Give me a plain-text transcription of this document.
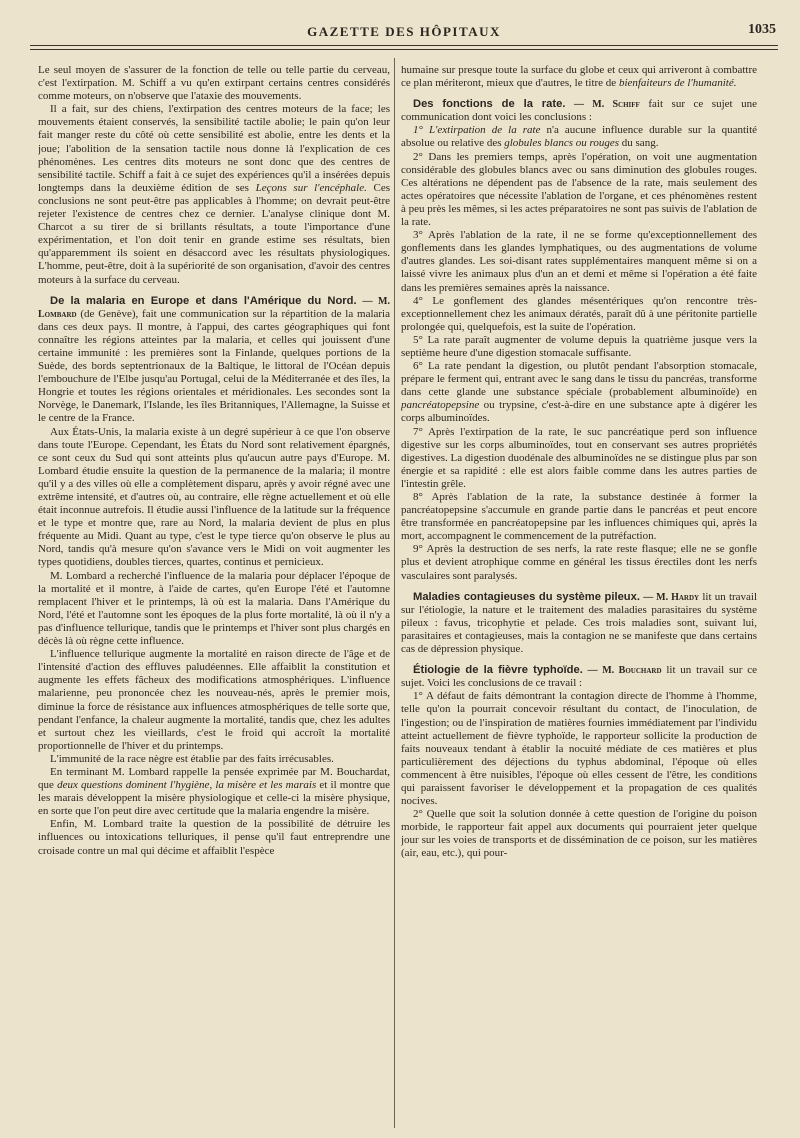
GAZETTE DES HÔPITAUX	1035

Le seul moyen de s'assurer de la fonction de telle ou telle partie du cerveau, c'est l'extirpation. M. Schiff a vu qu'en extirpant certains centres considérés comme moteurs, on n'observe que l'ataxie des mouvements.

Il a fait, sur des chiens, l'extirpation des centres moteurs de la face; les mouvements étaient conservés, la sensibilité tactile abolie; le pain qu'on leur fait manger reste du côté où cette sensibilité est abolie, entre les dents et la joue; l'abolition de la sensation tactile nous donne là l'explication de ces phénomènes. Les centres dits moteurs ne sont donc que des centres de sensibilité tactile. Schiff a fait à ce sujet des expériences qu'il a insérées depuis longtemps dans la deuxième édition de ses Leçons sur l'encéphale. Ces conclusions ne sont peut-être pas applicables à l'homme; on devrait peut-être rejeter l'existence de centres chez ce dernier. L'analyse clinique dont M. Charcot a su tirer de si brillants résultats, a toute l'importance d'une expérimentation, et l'on doit tenir en grande estime ses résultats, bien qu'apparemment ils soient en désaccord avec les résultats physiologiques. L'homme, peut-être, doit à la supériorité de son organisation, d'avoir des centres moteurs à la surface du cerveau.

De la malaria en Europe et dans l'Amérique du Nord. — M. Lombard (de Genève), fait une communication sur la répartition de la malaria dans ces deux pays. Il montre, à l'appui, des cartes géographiques qui font connaître les régions atteintes par la malaria, et celles qui jouissent d'une certaine immunité : les premières sont la Finlande, quelques portions de la Suède, des bords septentrionaux de la Baltique, le littoral de l'Océan depuis l'embouchure de l'Elbe jusqu'au Portugal, celui de la Méditerranée et des îles, la Hongrie et toutes les régions orientales et méridionales. Les secondes sont la Norvège, le Danemark, l'Islande, les îles Britanniques, l'Allemagne, la Suisse et le centre de la France.

Aux États-Unis, la malaria existe à un degré supérieur à ce que l'on observe dans toute l'Europe. Cependant, les États du Nord sont relativement épargnés, ce sont ceux du Sud qui sont atteints plus qu'aucun autre pays d'Europe. M. Lombard étudie ensuite la question de la permanence de la malaria; il montre qu'il y a des villes où elle a complètement disparu, après y avoir régné avec une extrême intensité, et d'autres où, au contraire, elle règne actuellement et où elle était inconnue autrefois. Il étudie aussi l'influence de la latitude sur la fréquence et le type et montre que, rare au Nord, la malaria devient de plus en plus fréquente au Midi. Quant au type, c'est le type tierce qu'on observe le plus au Nord, tandis qu'à mesure qu'on s'avance vers le Midi on voit augmenter les types quotidiens, doubles tierces, quartes, continus et pernicieux.

M. Lombard a recherché l'influence de la malaria pour déplacer l'époque de la mortalité et il montre, à l'aide de cartes, qu'en Europe l'été et l'automne remplacent l'hiver et le printemps, là où est la malaria. Dans l'Amérique du Nord, l'été et l'automne sont les époques de la plus forte mortalité, là où il n'y a pas d'influence tellurique, tandis que le printemps et l'hiver sont plus chargés en décès là où règne cette influence.

L'influence tellurique augmente la mortalité en raison directe de l'âge et de l'intensité d'action des effluves paludéennes. Elle affaiblit la constitution et augmente les effets fâcheux des modifications atmosphériques. L'influence malarienne, peu prononcée chez les nouveau-nés, après le premier mois, diminue la force de résistance aux influences atmosphériques de telle sorte que, pendant l'enfance, la chaleur augmente la mortalité, tandis que, chez les adultes et surtout chez les vieillards, c'est le froid qui accroît la mortalité proportionnelle de l'hiver et du printemps.

L'immunité de la race nègre est établie par des faits irrécusables.

En terminant M. Lombard rappelle la pensée exprimée par M. Bouchardat, que deux questions dominent l'hygiène, la misère et les marais et il montre que les marais développent la misère physiologique et celle-ci la misère physique, en sorte que l'on peut dire avec certitude que la malaria engendre la misère.

Enfin, M. Lombard traite la question de la possibilité de détruire les influences ou intoxications telluriques, il pense qu'il faut entreprendre une croisade contre un mal qui décime et affaiblit l'espèce

humaine sur presque toute la surface du globe et ceux qui arriveront à combattre ce plan mériteront, mieux que d'autres, le titre de bienfaiteurs de l'humanité.

Des fonctions de la rate. — M. Schiff fait sur ce sujet une communication dont voici les conclusions :

1° L'extirpation de la rate n'a aucune influence durable sur la quantité absolue ou relative des globules blancs ou rouges du sang.

2° Dans les premiers temps, après l'opération, on voit une augmentation considérable des globules blancs avec ou sans diminution des globules rouges. Ces altérations ne dépendent pas de l'absence de la rate, mais seulement des actes opératoires que nécessite l'ablation de l'organe, et ces phénomènes restent à peu près les mêmes, si les actes préparatoires ne sont pas suivis de l'ablation de la rate.

3° Après l'ablation de la rate, il ne se forme qu'exceptionnellement des gonflements dans les glandes lymphatiques, ou des augmentations de volume d'autres glandes. Les soi-disant rates supplémentaires manquent même si on a laissé vivre les animaux plus d'un an et demi et même si l'opération a été faite dans les premières semaines après la naissance.

4° Le gonflement des glandes mésentériques qu'on rencontre très-exceptionnellement chez les animaux dératés, paraît dû à une péritonite partielle prolongée qui, quelquefois, est la suite de l'opération.

5° La rate paraît augmenter de volume depuis la quatrième jusque vers la septième heure d'une digestion stomacale suffisante.

6° La rate pendant la digestion, ou plutôt pendant l'absorption stomacale, prépare le ferment qui, entrant avec le sang dans le tissu du pancréas, transforme dans cette glande une substance spéciale (probablement albuminoïde) en pancréatopepsine ou trypsine, c'est-à-dire en une substance apte à digérer les corps albuminoïdes.

7° Après l'extirpation de la rate, le suc pancréatique perd son influence digestive sur les corps albuminoïdes, tout en conservant ses autres propriétés digestives. La digestion duodénale des albuminoïdes ne se distingue plus par son énergie et sa rapidité : elle est alors faible comme dans les autres parties de l'intestin grêle.

8° Après l'ablation de la rate, la substance destinée à former la pancréatopepsine s'accumule en grande partie dans le pancréas et peut encore être transformée en pancréatopepsine par les influences chimiques qui, après la mort, accompagnent le commencement de la putréfaction.

9° Après la destruction de ses nerfs, la rate reste flasque; elle ne se gonfle plus et devient atrophique comme en général les tissus érectiles dont les nerfs vasculaires sont paralysés.

Maladies contagieuses du système pileux. — M. Hardy lit un travail sur l'étiologie, la nature et le traitement des maladies parasitaires du système pileux : favus, tricophytie et pelade. Ces trois maladies sont, suivant lui, parasitaires et contagieuses, mais la contagion ne se manifeste que dans certains cas de dépression physique.

Étiologie de la fièvre typhoïde. — M. Bouchard lit un travail sur ce sujet. Voici les conclusions de ce travail :

1° A défaut de faits démontrant la contagion directe de l'homme à l'homme, telle qu'on la pourrait concevoir résultant du contact, de l'inoculation, de l'ingestion; ou de l'inspiration de matières fournies immédiatement par l'individu atteint actuellement de fièvre typhoïde, le rapporteur sollicite la production de faits nouveaux tendant à établir la nocuité médiate de ces matières et plus particulièrement des déjections du typhus abdominal, l'époque où elles commencent à être nuisibles, l'époque où elles cessent de l'être, les conditions qui paraissent favoriser le développement et la propagation de ces qualités nocives.

2° Quelle que soit la solution donnée à cette question de l'origine du poison morbide, le rapporteur fait appel aux documents qui pourraient jeter quelque jour sur les voies de transports et de dissémination de ce poison, sur les matières (air, eau, etc.), qui pour-
